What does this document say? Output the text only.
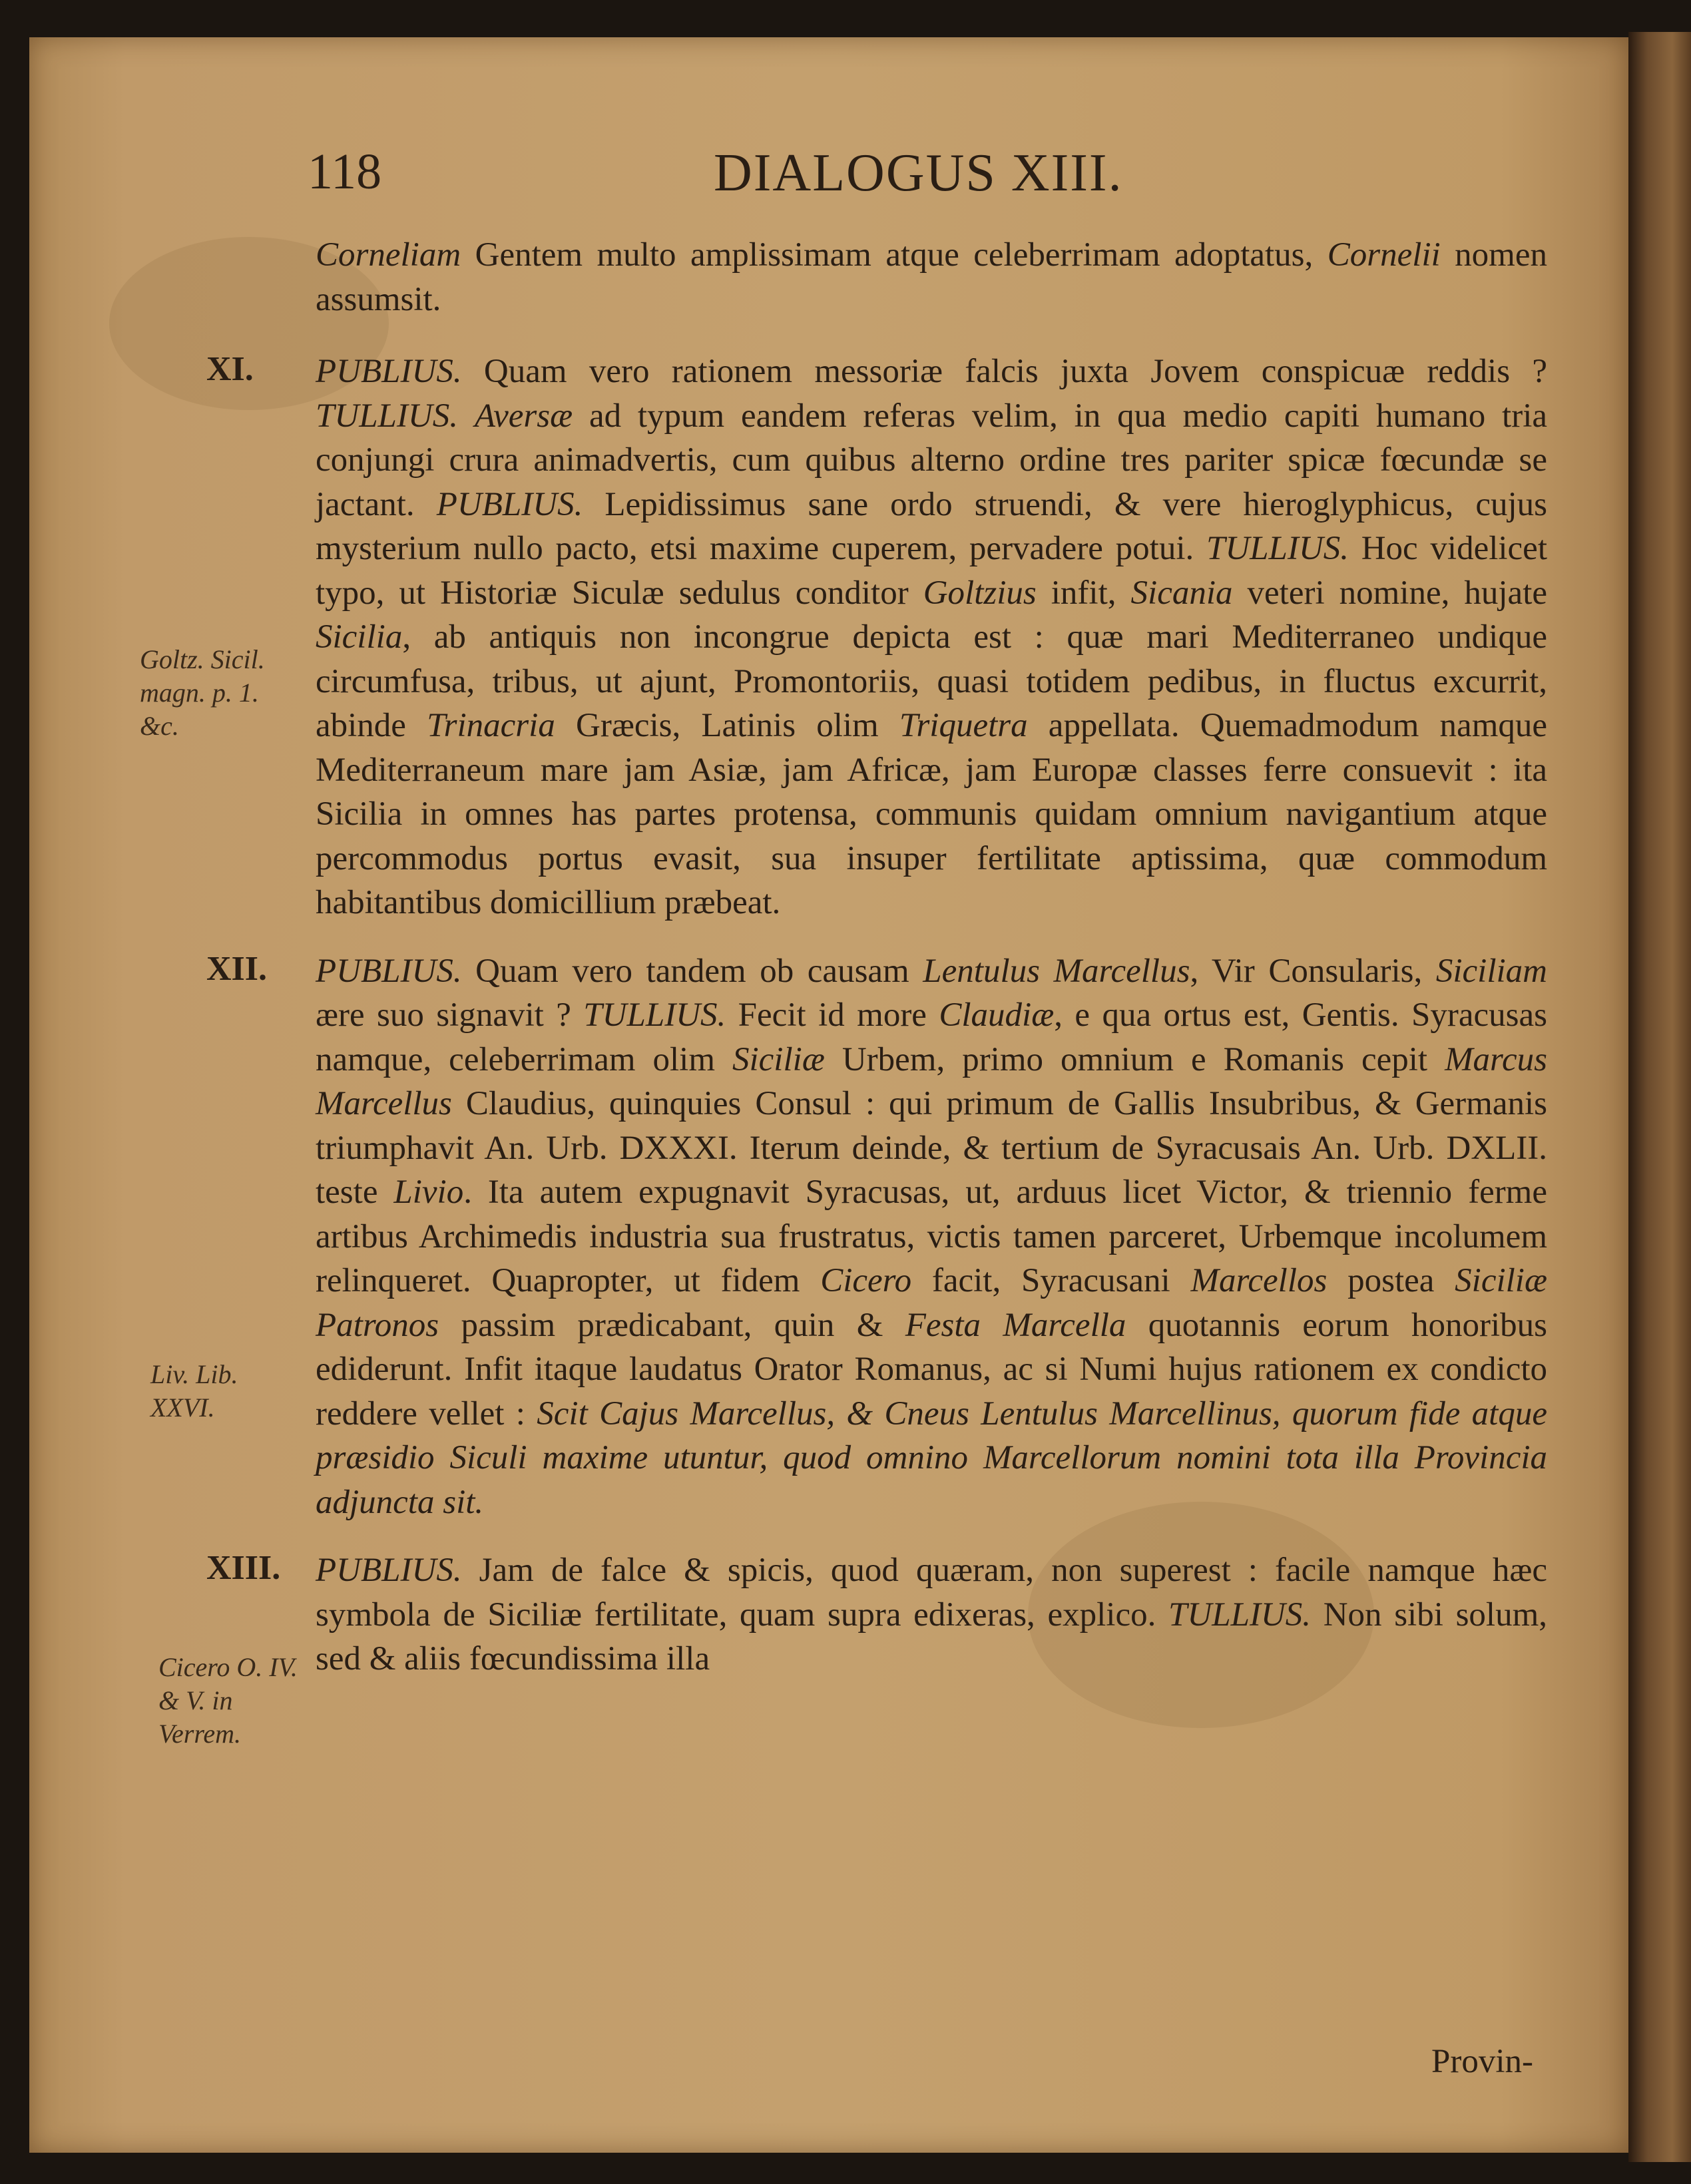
118	DIALOGUS XIII.
Corneliam Gentem multo amplissimam atque celeberrimam adoptatus, Cornelii nomen assumsit.
XI. PUBLIUS. Quam vero rationem messoriæ falcis juxta Jovem conspicuæ reddis ? TULLIUS. Aversæ ad typum eandem referas velim, in qua medio capiti humano tria conjungi crura animadvertis, cum quibus alterno ordine tres pariter spicæ fœcundæ se jactant. PUBLIUS. Lepidissimus sane ordo struendi, & vere hieroglyphicus, cujus mysterium nullo pacto, etsi maxime cuperem, pervadere potui. TULLIUS. Hoc videlicet typo, ut Historiæ Siculæ sedulus conditor Goltzius infit, Sicania veteri nomine, hujate Sicilia, ab antiquis non incongrue depicta est : quæ mari Mediterraneo undique circumfusa, tribus, ut ajunt, Promontoriis, quasi totidem pedibus, in fluctus excurrit, abinde Trinacria Græcis, Latinis olim Triquetra appellata. Quemadmodum namque Mediterraneum mare jam Asiæ, jam Africæ, jam Europæ classes ferre consuevit : ita Sicilia in omnes has partes protensa, communis quidam omnium navigantium atque percommodus portus evasit, sua insuper fertilitate aptissima, quæ commodum habitantibus domicillium præbeat.
XII. PUBLIUS. Quam vero tandem ob causam Lentulus Marcellus, Vir Consularis, Siciliam ære suo signavit ? TULLIUS. Fecit id more Claudiæ, e qua ortus est, Gentis. Syracusas namque, celeberrimam olim Siciliæ Urbem, primo omnium e Romanis cepit Marcus Marcellus Claudius, quinquies Consul : qui primum de Gallis Insubribus, & Germanis triumphavit An. Urb. DXXXI. Iterum deinde, & tertium de Syracusais An. Urb. DXLII. teste Livio. Ita autem expugnavit Syracusas, ut, arduus licet Victor, & triennio ferme artibus Archimedis industria sua frustratus, victis tamen parceret, Urbemque incolumem relinqueret. Quapropter, ut fidem Cicero facit, Syracusani Marcellos postea Siciliæ Patronos passim prædicabant, quin & Festa Marcella quotannis eorum honoribus ediderunt. Infit itaque laudatus Orator Romanus, ac si Numi hujus rationem ex condicto reddere vellet : Scit Cajus Marcellus, & Cneus Lentulus Marcellinus, quorum fide atque præsidio Siculi maxime utuntur, quod omnino Marcellorum nomini tota illa Provincia adjuncta sit.
XIII. PUBLIUS. Jam de falce & spicis, quod quæram, non superest : facile namque hæc symbola de Siciliæ fertilitate, quam supra edixeras, explico. TULLIUS. Non sibi solum, sed & aliis fœcundissima illa
Goltz. Sicil. magn. p. 1. &c.
Liv. Lib. XXVI.
Cicero O. IV. & V. in Verrem.
Provin-
